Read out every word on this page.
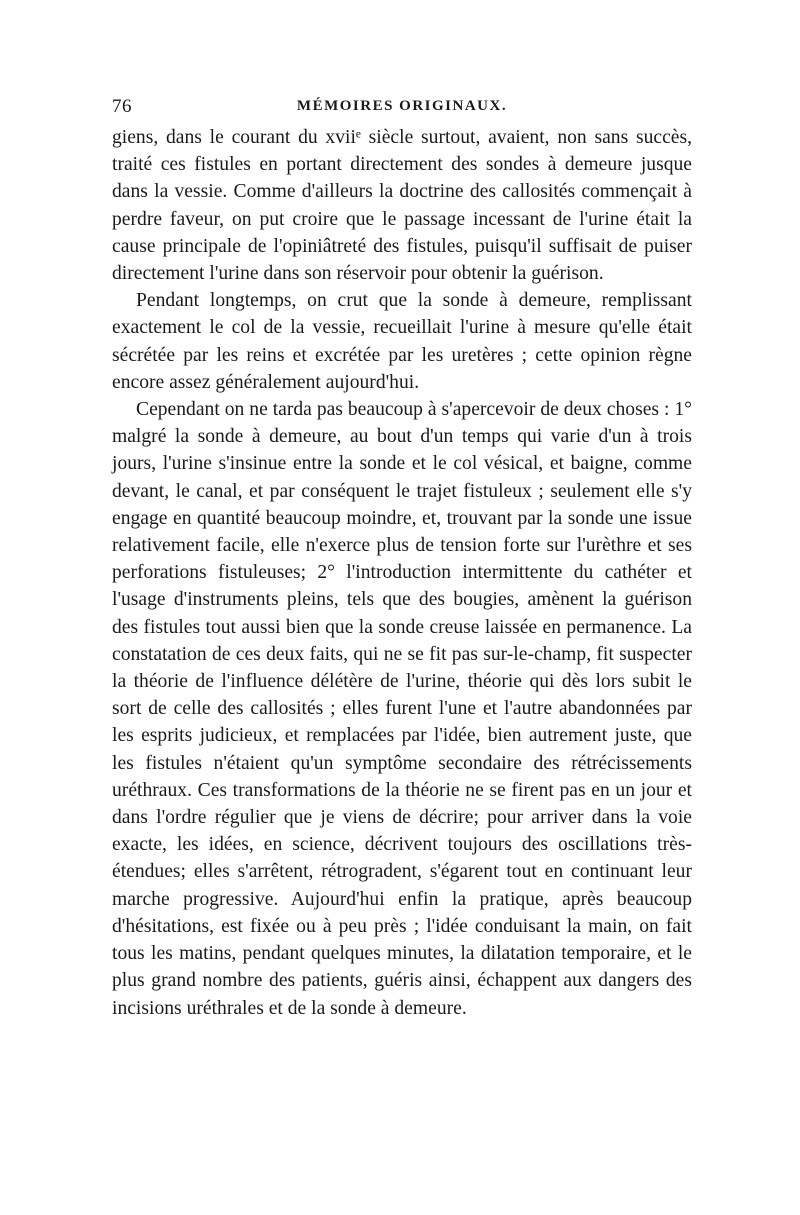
76	MÉMOIRES ORIGINAUX.

giens, dans le courant du xviiᵉ siècle surtout, avaient, non sans succès, traité ces fistules en portant directement des sondes à demeure jusque dans la vessie. Comme d'ailleurs la doctrine des callosités commençait à perdre faveur, on put croire que le passage incessant de l'urine était la cause principale de l'opiniâtreté des fistules, puisqu'il suffisait de puiser directement l'urine dans son réservoir pour obtenir la guérison.

Pendant longtemps, on crut que la sonde à demeure, remplissant exactement le col de la vessie, recueillait l'urine à mesure qu'elle était sécrétée par les reins et excrétée par les uretères ; cette opinion règne encore assez généralement aujourd'hui.

Cependant on ne tarda pas beaucoup à s'apercevoir de deux choses : 1° malgré la sonde à demeure, au bout d'un temps qui varie d'un à trois jours, l'urine s'insinue entre la sonde et le col vésical, et baigne, comme devant, le canal, et par conséquent le trajet fistuleux ; seulement elle s'y engage en quantité beaucoup moindre, et, trouvant par la sonde une issue relativement facile, elle n'exerce plus de tension forte sur l'urèthre et ses perforations fistuleuses; 2° l'introduction intermittente du cathéter et l'usage d'instruments pleins, tels que des bougies, amènent la guérison des fistules tout aussi bien que la sonde creuse laissée en permanence. La constatation de ces deux faits, qui ne se fit pas sur-le-champ, fit suspecter la théorie de l'influence délétère de l'urine, théorie qui dès lors subit le sort de celle des callosités ; elles furent l'une et l'autre abandonnées par les esprits judicieux, et remplacées par l'idée, bien autrement juste, que les fistules n'étaient qu'un symptôme secondaire des rétrécissements uréthraux. Ces transformations de la théorie ne se firent pas en un jour et dans l'ordre régulier que je viens de décrire; pour arriver dans la voie exacte, les idées, en science, décrivent toujours des oscillations très-étendues; elles s'arrêtent, rétrogradent, s'égarent tout en continuant leur marche progressive. Aujourd'hui enfin la pratique, après beaucoup d'hésitations, est fixée ou à peu près ; l'idée conduisant la main, on fait tous les matins, pendant quelques minutes, la dilatation temporaire, et le plus grand nombre des patients, guéris ainsi, échappent aux dangers des incisions uréthrales et de la sonde à demeure.
